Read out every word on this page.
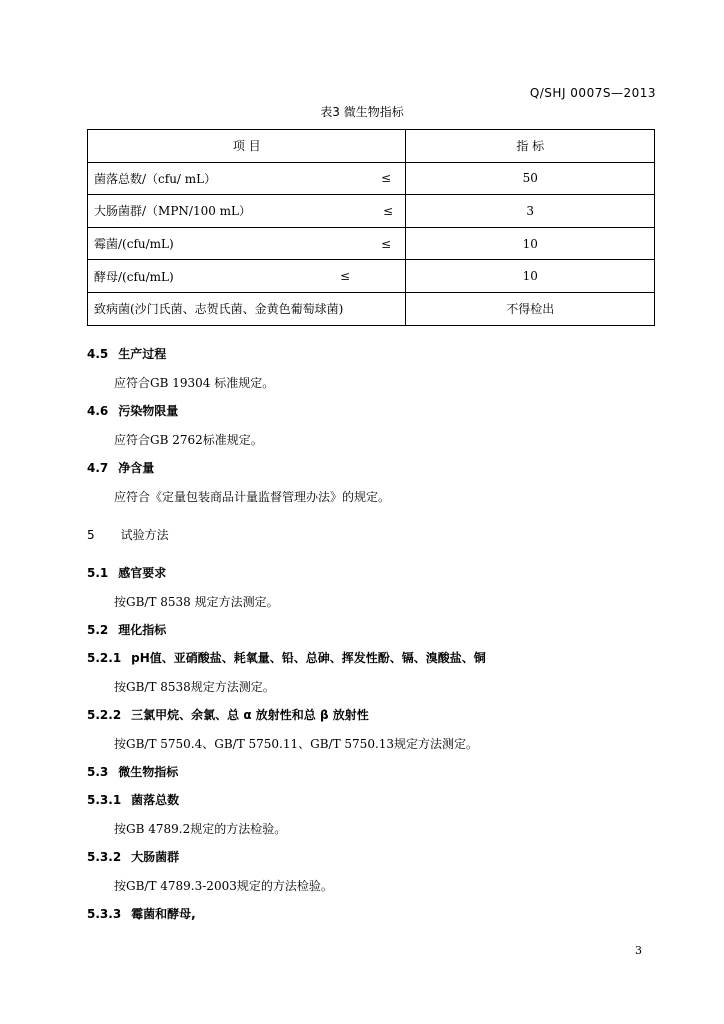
Q/SHJ 0007S—2013
表3 微生物指标
项 目	指 标
菌落总数/（cfu/ mL） ≤	50
大肠菌群/（MPN/100 mL） ≤	3
霉菌/(cfu/mL) ≤	10
酵母/(cfu/mL) ≤	10
致病菌(沙门氏菌、志贺氏菌、金黄色葡萄球菌)	不得检出
4.5 生产过程
应符合GB 19304 标准规定。
4.6 污染物限量
应符合GB 2762标准规定。
4.7 净含量
应符合《定量包装商品计量监督管理办法》的规定。
5 试验方法
5.1 感官要求
按GB/T 8538 规定方法测定。
5.2 理化指标
5.2.1 pH值、亚硝酸盐、耗氧量、铅、总砷、挥发性酚、镉、溴酸盐、铜
按GB/T 8538规定方法测定。
5.2.2 三氯甲烷、余氯、总 α 放射性和总 β 放射性
按GB/T 5750.4、GB/T 5750.11、GB/T 5750.13规定方法测定。
5.3 微生物指标
5.3.1 菌落总数
按GB 4789.2规定的方法检验。
5.3.2 大肠菌群
按GB/T 4789.3-2003规定的方法检验。
5.3.3 霉菌和酵母,
3
